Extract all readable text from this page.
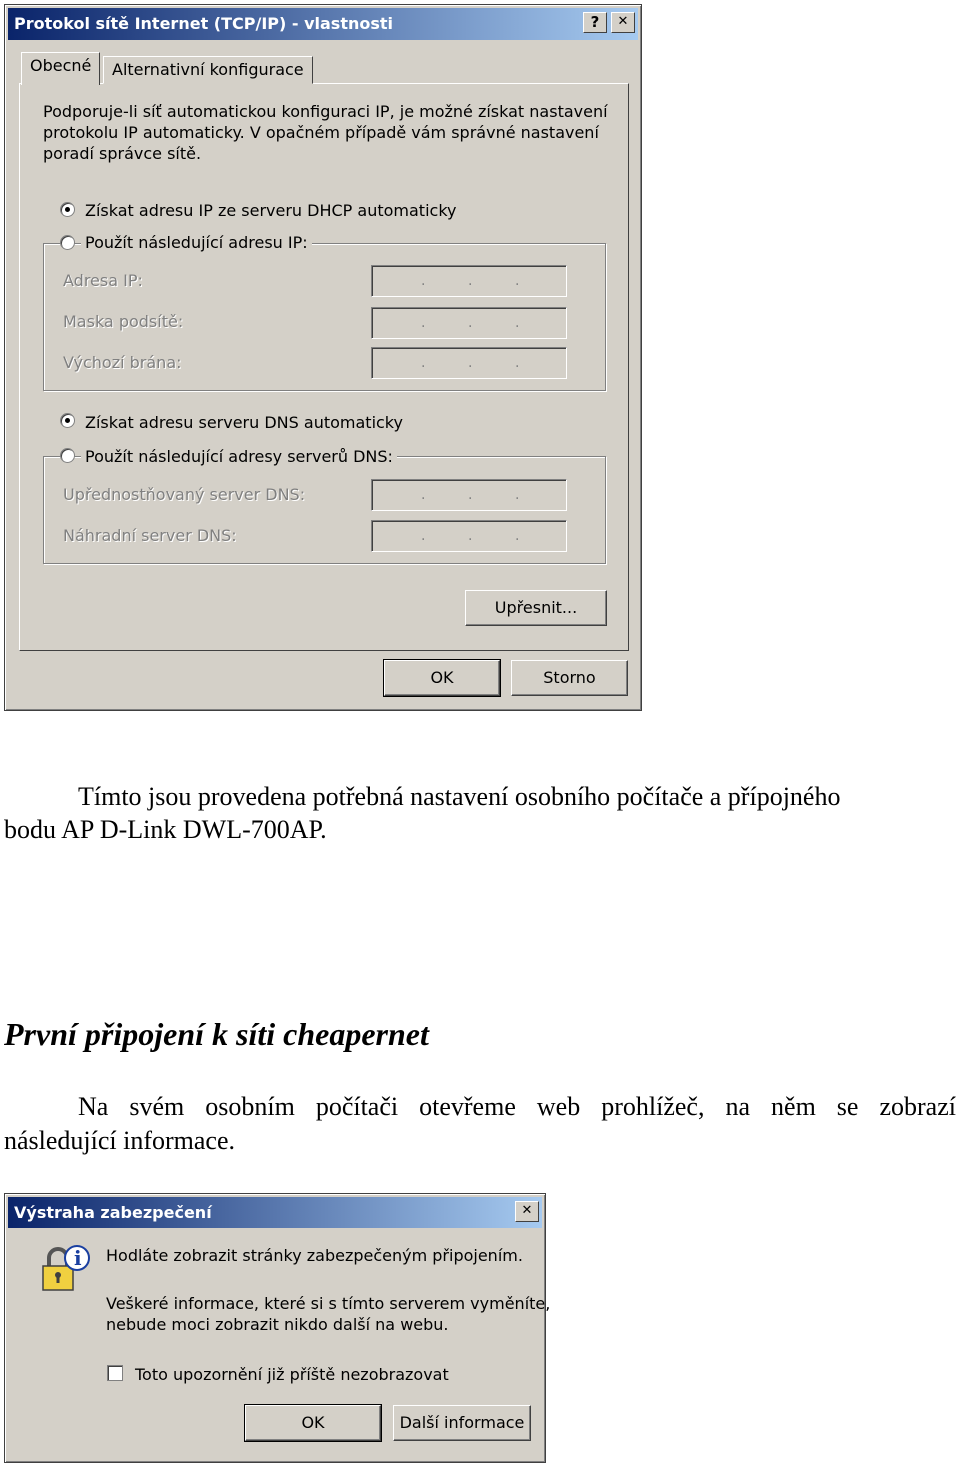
Protokol sítě Internet (TCP/IP) - vlastnosti	?	✕
Obecné	Alternativní konfigurace
Podporuje-li síť automatickou konfiguraci IP, je možné získat nastavení
protokolu IP automaticky. V opačném případě vám správné nastavení
poradí správce sítě.
Získat adresu IP ze serveru DHCP automaticky
Použít následující adresu IP:
Adresa IP:	.	.	.
Maska podsítě:	.	.	.
Výchozí brána:	.	.	.
Získat adresu serveru DNS automaticky
Použít následující adresy serverů DNS:
Upřednostňovaný server DNS:	.	.	.
Náhradní server DNS:	.	.	.
Upřesnit...
OK	Storno
Tímto jsou provedena potřebná nastavení osobního počítače a přípojného
bodu AP D-Link DWL-700AP.
První připojení k síti cheapernet
Na svém osobním počítači otevřeme web prohlížeč, na něm se zobrazí
následující informace.
Výstraha zabezpečení	✕
i Hodláte zobrazit stránky zabezpečeným připojením.
Veškeré informace, které si s tímto serverem vyměníte,
nebude moci zobrazit nikdo další na webu.
Toto upozornění již příště nezobrazovat
OK	Další informace
